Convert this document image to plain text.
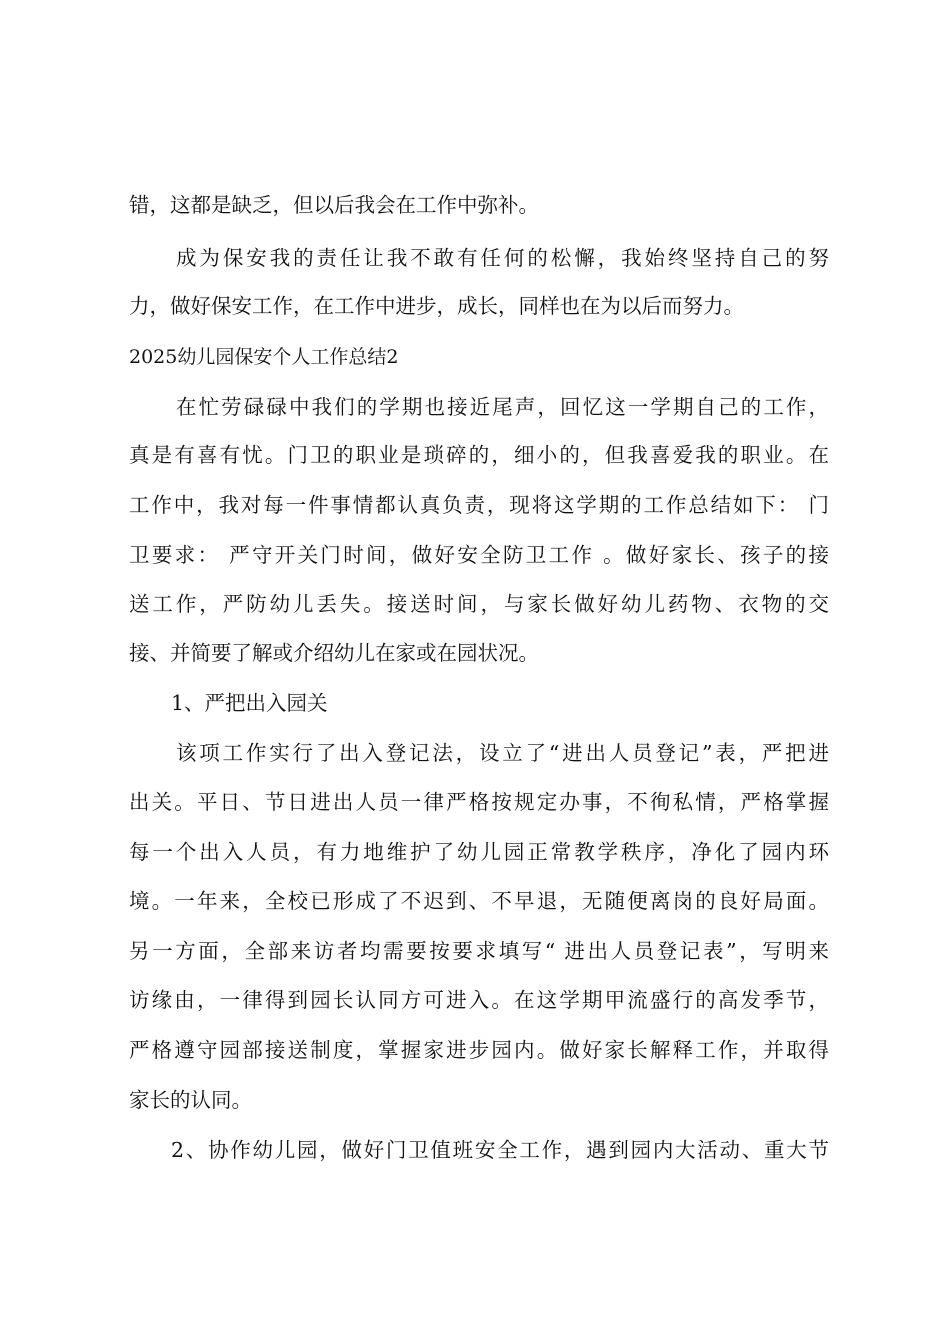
错，这都是缺乏，但以后我会在工作中弥补。
成为保安我的责任让我不敢有任何的松懈，我始终坚持自己的努
力，做好保安工作，在工作中进步，成长，同样也在为以后而努力。
2025幼儿园保安个人工作总结2
在忙劳碌碌中我们的学期也接近尾声，回忆这一学期自己的工作，
真是有喜有忧。门卫的职业是琐碎的，细小的，但我喜爱我的职业。在
工作中，我对每一件事情都认真负责，现将这学期的工作总结如下： 门
卫要求： 严守开关门时间，做好安全防卫工作 。做好家长、孩子的接
送工作，严防幼儿丢失。接送时间，与家长做好幼儿药物、衣物的交
接、并简要了解或介绍幼儿在家或在园状况。
1、严把出入园关
该项工作实行了出入登记法，设立了“进出人员登记”表，严把进
出关。平日、节日进出人员一律严格按规定办事，不徇私情，严格掌握
每一个出入人员，有力地维护了幼儿园正常教学秩序，净化了园内环
境。一年来，全校已形成了不迟到、不早退，无随便离岗的良好局面。
另一方面，全部来访者均需要按要求填写“ 进出人员登记表”，写明来
访缘由，一律得到园长认同方可进入。在这学期甲流盛行的高发季节，
严格遵守园部接送制度，掌握家进步园内。做好家长解释工作，并取得
家长的认同。
2、协作幼儿园，做好门卫值班安全工作，遇到园内大活动、重大节
